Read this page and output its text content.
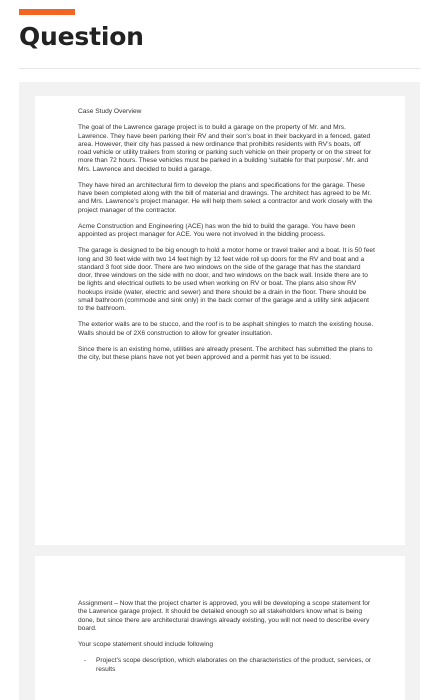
Question
Case Study Overview

The goal of the Lawrence garage project is to build a garage on the property of Mr. and Mrs. Lawrence. They have been parking their RV and their son’s boat in their backyard in a fenced, gated area. However, their city has passed a new ordinance that prohibits residents with RV’s boats, off road vehicle or utility trailers from storing or parking such vehicle on their property or on the street for more than 72 hours. These vehicles must be parked in a building ‘suitable for that purpose’. Mr. and Mrs. Lawrence and decided to build a garage.

They have hired an architectural firm to develop the plans and specifications for the garage. These have been completed along with the bill of material and drawings. The architect has agreed to be Mr. and Mrs. Lawrence’s project manager. He will help them select a contractor and work closely with the project manager of the contractor.

Acme Construction and Engineering (ACE) has won the bid to build the garage. You have been appointed as project manager for ACE. You were not involved in the bidding process.

The garage is designed to be big enough to hold a motor home or travel trailer and a boat. It is 50 feet long and 30 feet wide with two 14 feet high by 12 feet wide roll up doors for the RV and boat and a standard 3 foot side door. There are two windows on the side of the garage that has the standard door, three windows on the side with no door, and two windows on the back wall. Inside there are to be lights and electrical outlets to be used when working on RV or boat. The plans also show RV hookups inside (water, electric and sewer) and there should be a drain in the floor. There should be small bathroom (commode and sink only) in the back corner of the garage and a utility sink adjacent to the bathroom.

The exterior walls are to be stucco, and the roof is to be asphalt shingles to match the existing house. Walls should be of 2X6 construction to allow for greater insultation.

Since there is an existing home, utilities are already present. The architect has submitted the plans to the city, but these plans have not yet been approved and a permit has yet to be issued.

Assignment – Now that the project charter is approved, you will be developing a scope statement for the Lawrence garage project. It should be detailed enough so all stakeholders know what is being done, but since there are architectural drawings already existing, you will not need to describe every board.

Your scope statement should include following

-	Project’s scope description, which elaborates on the characteristics of the product, services, or results
